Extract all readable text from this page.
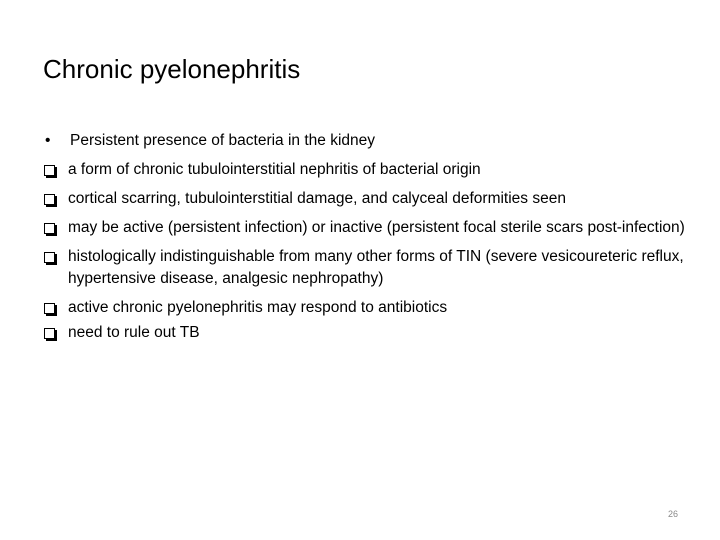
Chronic pyelonephritis
•	Persistent presence of bacteria in the kidney
a form of chronic tubulointerstitial nephritis of bacterial origin
cortical scarring, tubulointerstitial damage, and calyceal deformities seen
may be active (persistent infection) or inactive (persistent focal sterile scars post-infection)
histologically indistinguishable from many other forms of TIN (severe vesicoureteric reflux, hypertensive disease, analgesic nephropathy)
active chronic pyelonephritis may respond to antibiotics
need to rule out TB
26
